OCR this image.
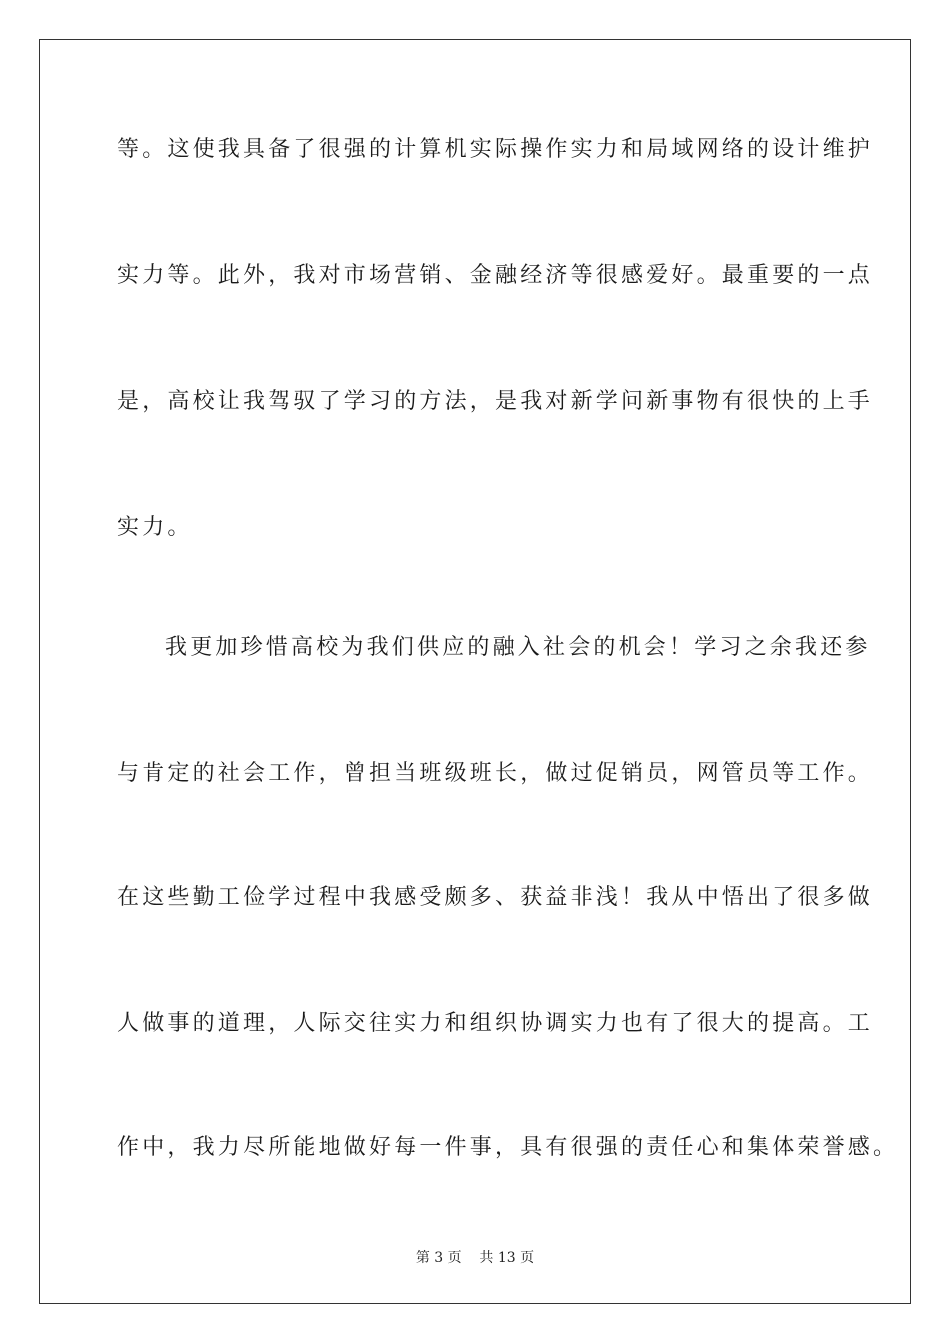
等。这使我具备了很强的计算机实际操作实力和局域网络的设计维护
实力等。此外，我对市场营销、金融经济等很感爱好。最重要的一点
是，高校让我驾驭了学习的方法，是我对新学问新事物有很快的上手
实力。
我更加珍惜高校为我们供应的融入社会的机会！学习之余我还参
与肯定的社会工作，曾担当班级班长，做过促销员，网管员等工作。
在这些勤工俭学过程中我感受颇多、获益非浅！我从中悟出了很多做
人做事的道理，人际交往实力和组织协调实力也有了很大的提高。工
作中，我力尽所能地做好每一件事，具有很强的责任心和集体荣誉感。
第 3 页    共 13 页
